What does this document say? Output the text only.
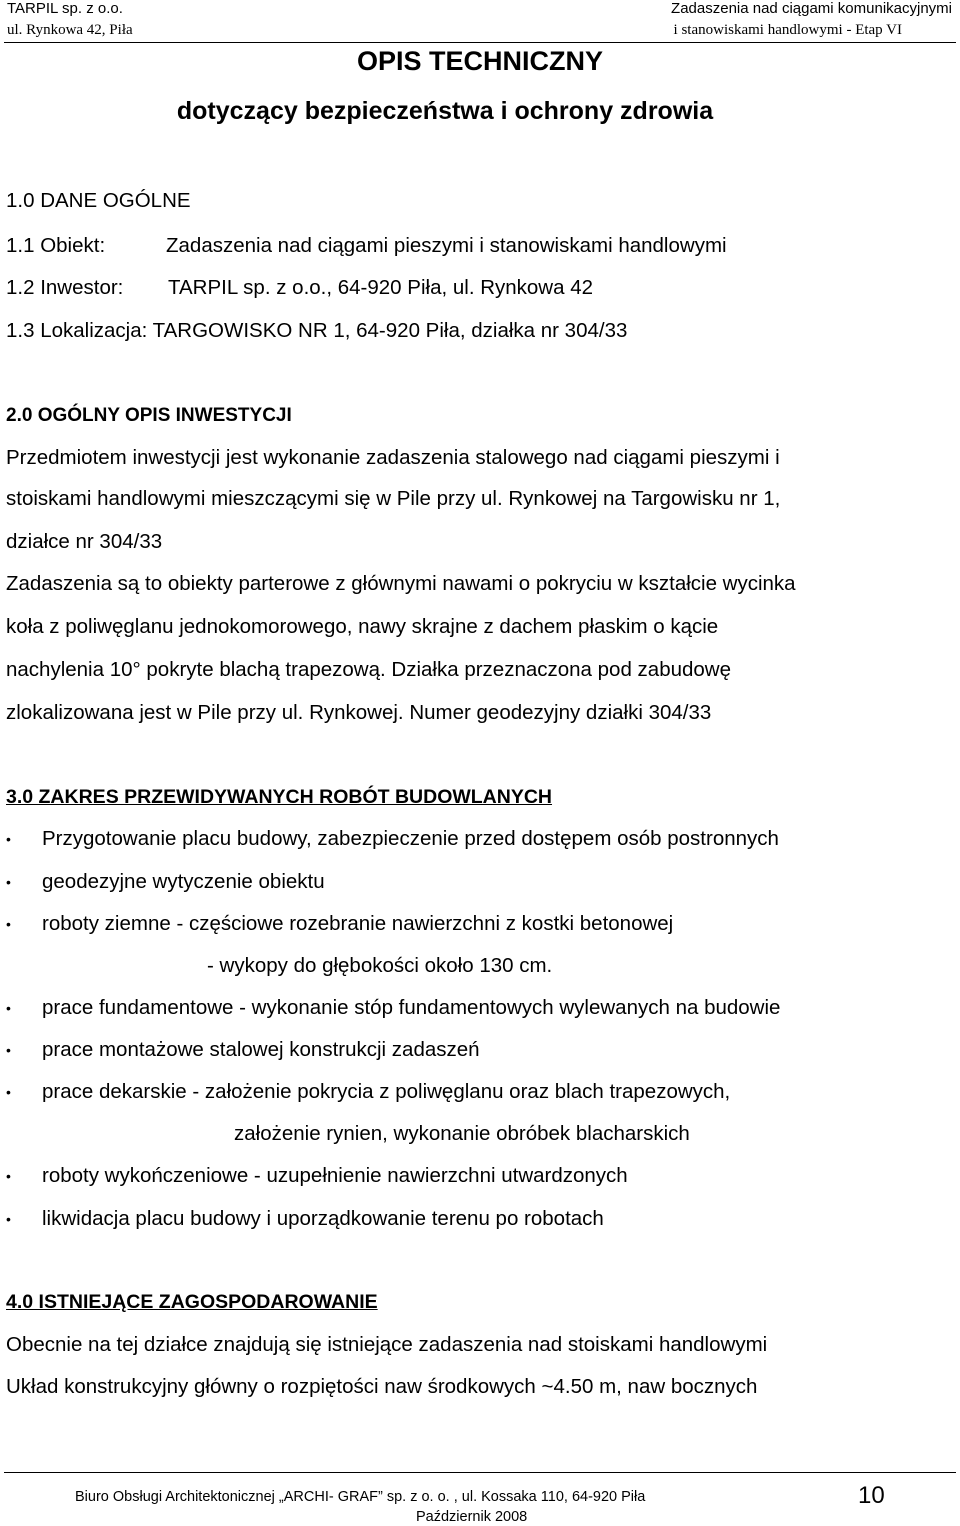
TARPIL sp. z o.o.
ul. Rynkowa 42, Piła
Zadaszenia nad ciągami komunikacyjnymi
i stanowiskami handlowymi - Etap VI
OPIS TECHNICZNY
dotyczący bezpieczeństwa i ochrony zdrowia
1.0 DANE OGÓLNE
1.1 Obiekt:	Zadaszenia nad ciągami pieszymi i stanowiskami handlowymi
1.2 Inwestor: TARPIL sp. z o.o., 64-920 Piła, ul. Rynkowa 42
1.3 Lokalizacja: TARGOWISKO NR 1, 64-920 Piła, działka nr 304/33
2.0 OGÓLNY OPIS INWESTYCJI
Przedmiotem inwestycji jest wykonanie zadaszenia stalowego nad ciągami pieszymi i
stoiskami handlowymi mieszczącymi się w Pile przy ul. Rynkowej na Targowisku nr 1,
działce nr 304/33
Zadaszenia są to obiekty parterowe z głównymi nawami o pokryciu w kształcie wycinka
koła z poliwęglanu jednokomorowego, nawy skrajne z dachem płaskim o kącie
nachylenia 10° pokryte blachą trapezową. Działka przeznaczona pod zabudowę
zlokalizowana jest w Pile przy ul. Rynkowej. Numer geodezyjny działki 304/33
3.0 ZAKRES PRZEWIDYWANYCH ROBÓT BUDOWLANYCH
• Przygotowanie placu budowy, zabezpieczenie przed dostępem osób postronnych
• geodezyjne wytyczenie obiektu
• roboty ziemne - częściowe rozebranie nawierzchni z kostki betonowej
- wykopy do głębokości około 130 cm.
• prace fundamentowe - wykonanie stóp fundamentowych wylewanych na budowie
• prace montażowe stalowej konstrukcji zadaszeń
• prace dekarskie - założenie pokrycia z poliwęglanu oraz blach trapezowych,
założenie rynien, wykonanie obróbek blacharskich
• roboty wykończeniowe - uzupełnienie nawierzchni utwardzonych
• likwidacja placu budowy i uporządkowanie terenu po robotach
4.0 ISTNIEJĄCE ZAGOSPODAROWANIE
Obecnie na tej działce znajdują się istniejące zadaszenia nad stoiskami handlowymi
Układ konstrukcyjny główny o rozpiętości naw środkowych ~4.50 m, naw bocznych
Biuro Obsługi Architektonicznej „ARCHI- GRAF” sp. z o. o. , ul. Kossaka 110, 64-920 Piła
Październik 2008
10
